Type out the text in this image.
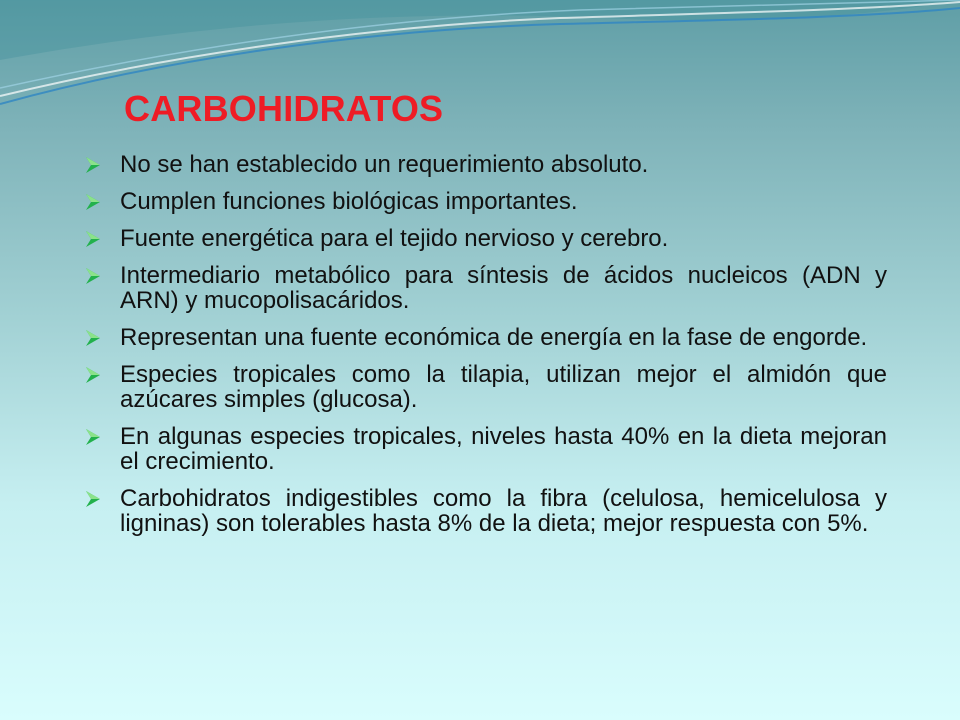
CARBOHIDRATOS
No se han establecido un requerimiento absoluto.
Cumplen funciones biológicas importantes.
Fuente energética para el tejido nervioso y cerebro.
Intermediario metabólico para síntesis de ácidos nucleicos (ADN y ARN) y mucopolisacáridos.
Representan una fuente económica de energía en la fase de engorde.
Especies tropicales como la tilapia, utilizan mejor el almidón que azúcares simples (glucosa).
En algunas especies tropicales, niveles hasta 40% en la dieta mejoran el crecimiento.
Carbohidratos indigestibles como la fibra (celulosa, hemicelulosa y ligninas) son tolerables hasta 8% de la dieta; mejor respuesta con 5%.
